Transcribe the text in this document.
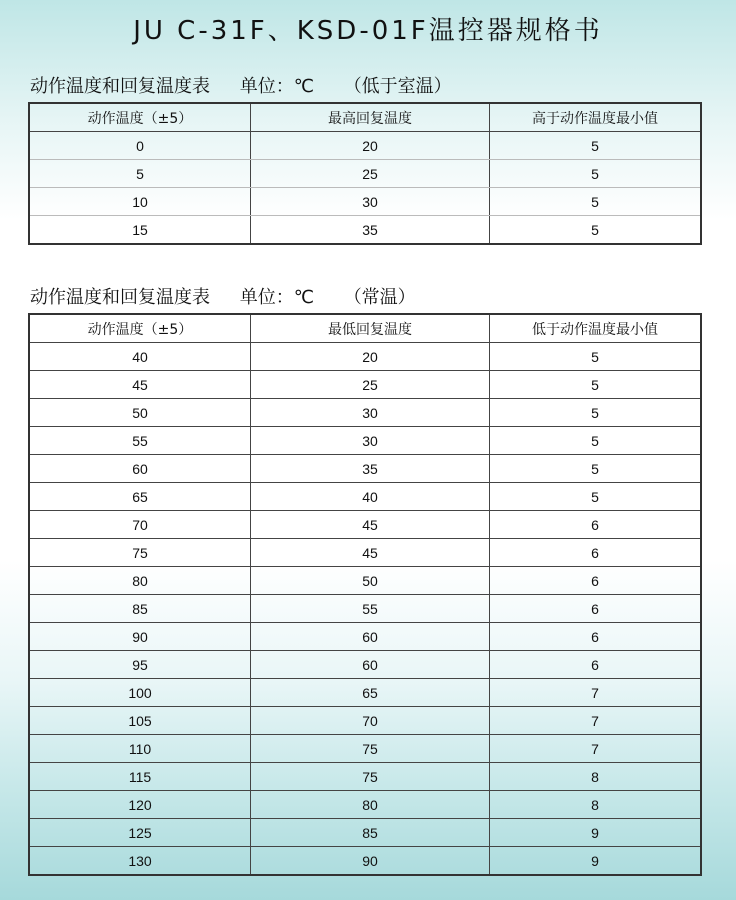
JU C-31F、KSD-01F温控器规格书
动作温度和回复温度表 单位：℃ （低于室温）
动作温度（±5）	最高回复温度	高于动作温度最小值
0	20	5
5	25	5
10	30	5
15	35	5
动作温度和回复温度表 单位：℃ （常温）
动作温度（±5）	最低回复温度	低于动作温度最小值
40	20	5
45	25	5
50	30	5
55	30	5
60	35	5
65	40	5
70	45	6
75	45	6
80	50	6
85	55	6
90	60	6
95	60	6
100	65	7
105	70	7
110	75	7
115	75	8
120	80	8
125	85	9
130	90	9
